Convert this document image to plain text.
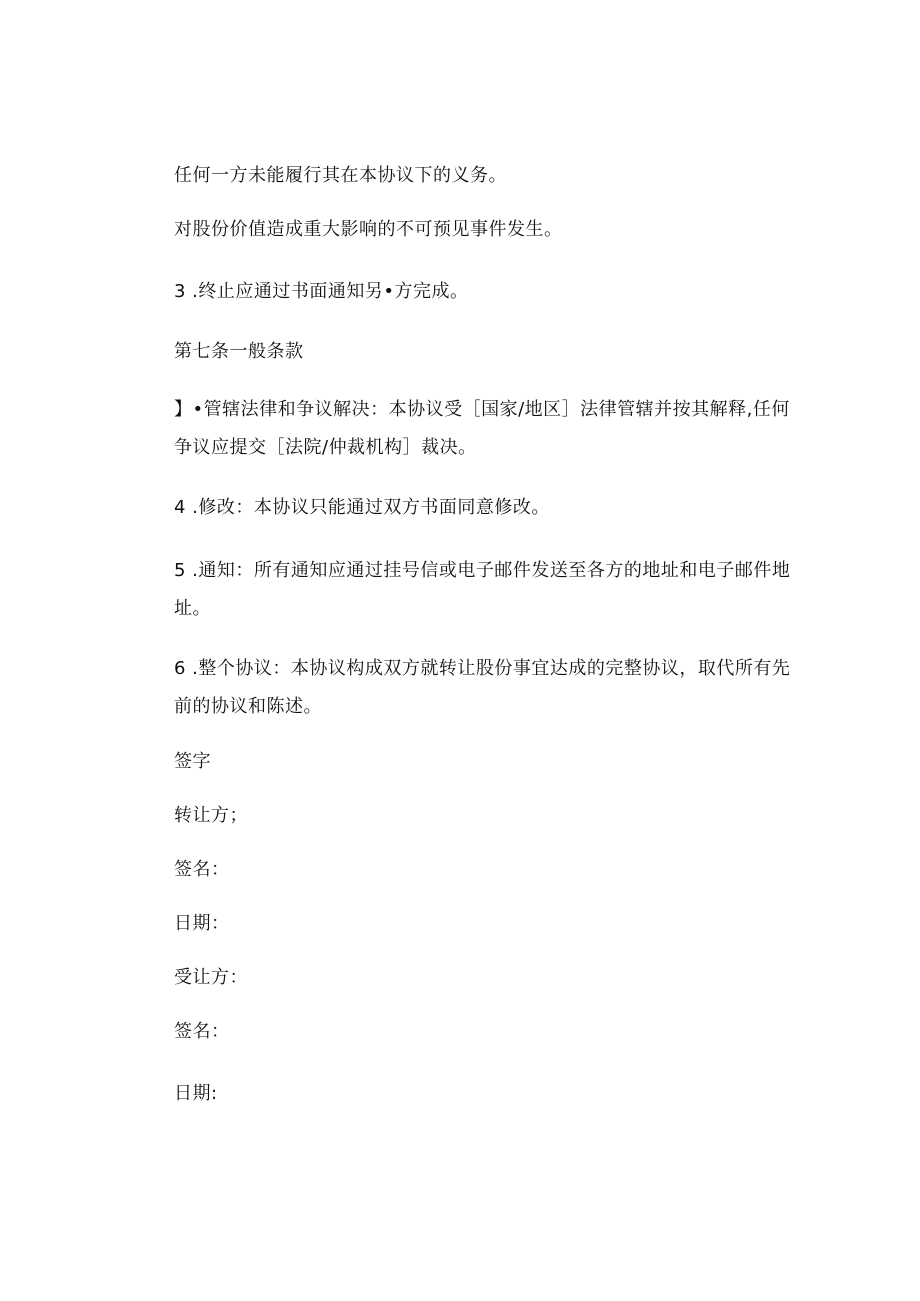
任何一方未能履行其在本协议下的义务。
对股份价值造成重大影响的不可预见事件发生。
3 .终止应通过书面通知另•方完成。
第七条一般条款
】•管辖法律和争议解决：本协议受［国家/地区］法律管辖并按其解释,任何争议应提交［法院/仲裁机构］裁决。
4 .修改：本协议只能通过双方书面同意修改。
5 .通知：所有通知应通过挂号信或电子邮件发送至各方的地址和电子邮件地址。
6 .整个协议：本协议构成双方就转让股份事宜达成的完整协议，取代所有先前的协议和陈述。
签字
转让方；
签名：
日期：
受让方：
签名：
日期:
